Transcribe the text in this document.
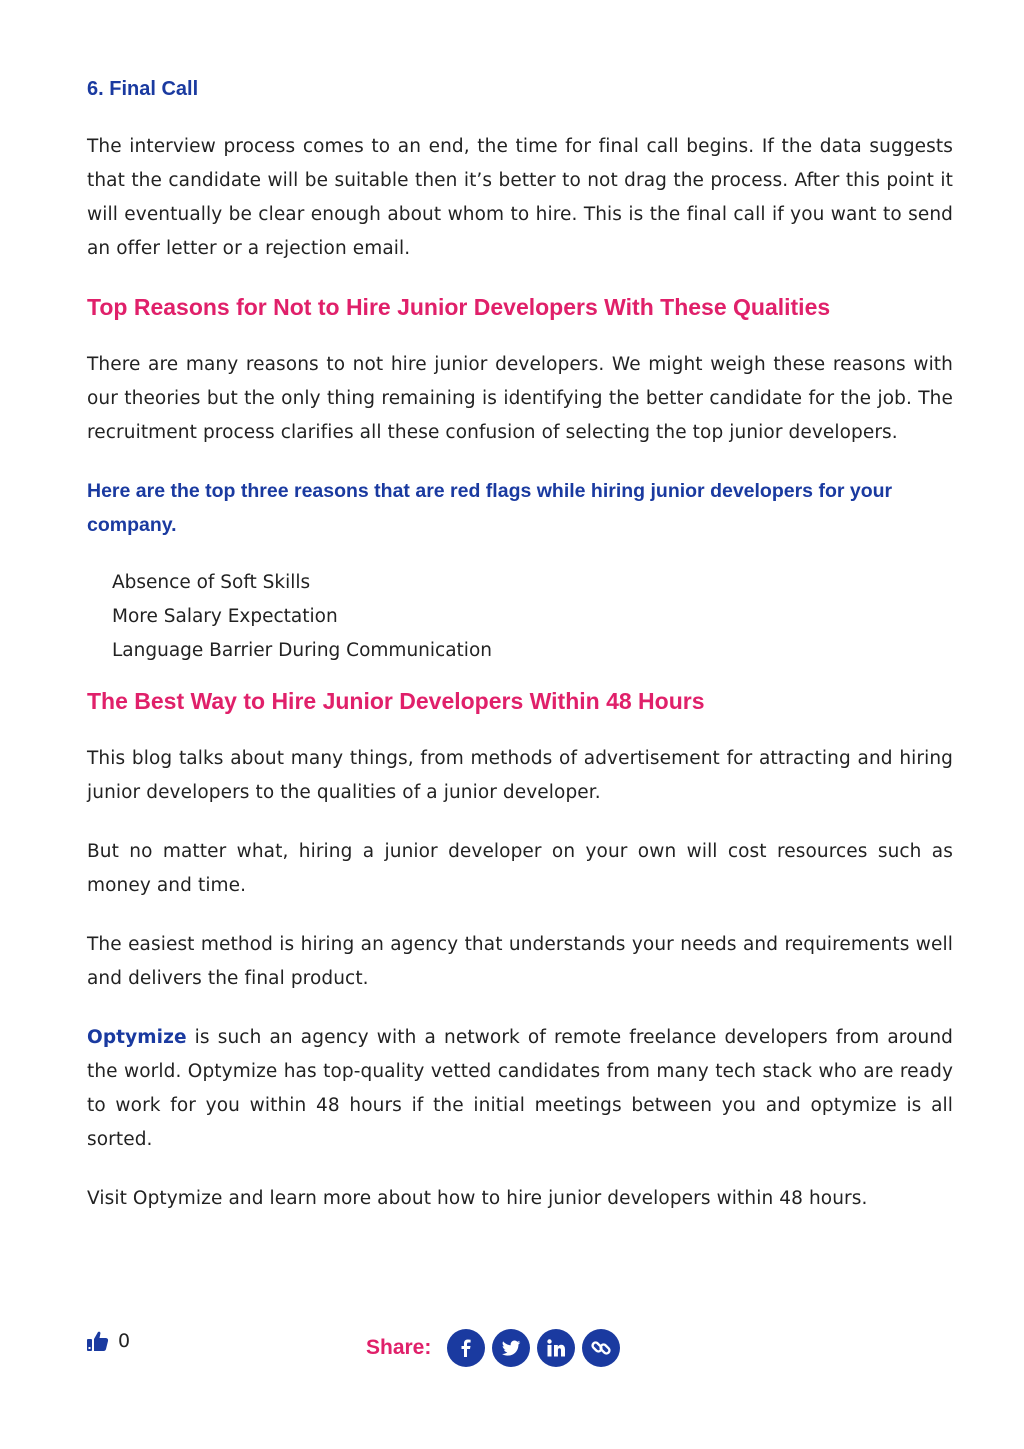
6. Final Call

The interview process comes to an end, the time for final call begins. If the data suggests that the candidate will be suitable then it’s better to not drag the process. After this point it will eventually be clear enough about whom to hire. This is the final call if you want to send an offer letter or a rejection email.

Top Reasons for Not to Hire Junior Developers With These Qualities

There are many reasons to not hire junior developers. We might weigh these reasons with our theories but the only thing remaining is identifying the better candidate for the job. The recruitment process clarifies all these confusion of selecting the top junior developers.

Here are the top three reasons that are red flags while hiring junior developers for your company.
Absence of Soft Skills
More Salary Expectation
Language Barrier During Communication
The Best Way to Hire Junior Developers Within 48 Hours

This blog talks about many things, from methods of advertisement for attracting and hiring junior developers to the qualities of a junior developer.

But no matter what, hiring a junior developer on your own will cost resources such as money and time.

The easiest method is hiring an agency that understands your needs and requirements well and delivers the final product.

Optymize is such an agency with a network of remote freelance developers from around the world. Optymize has top-quality vetted candidates from many tech stack who are ready to work for you within 48 hours if the initial meetings between you and optymize is all sorted.

Visit Optymize and learn more about how to hire junior developers within 48 hours.

0	Share:
